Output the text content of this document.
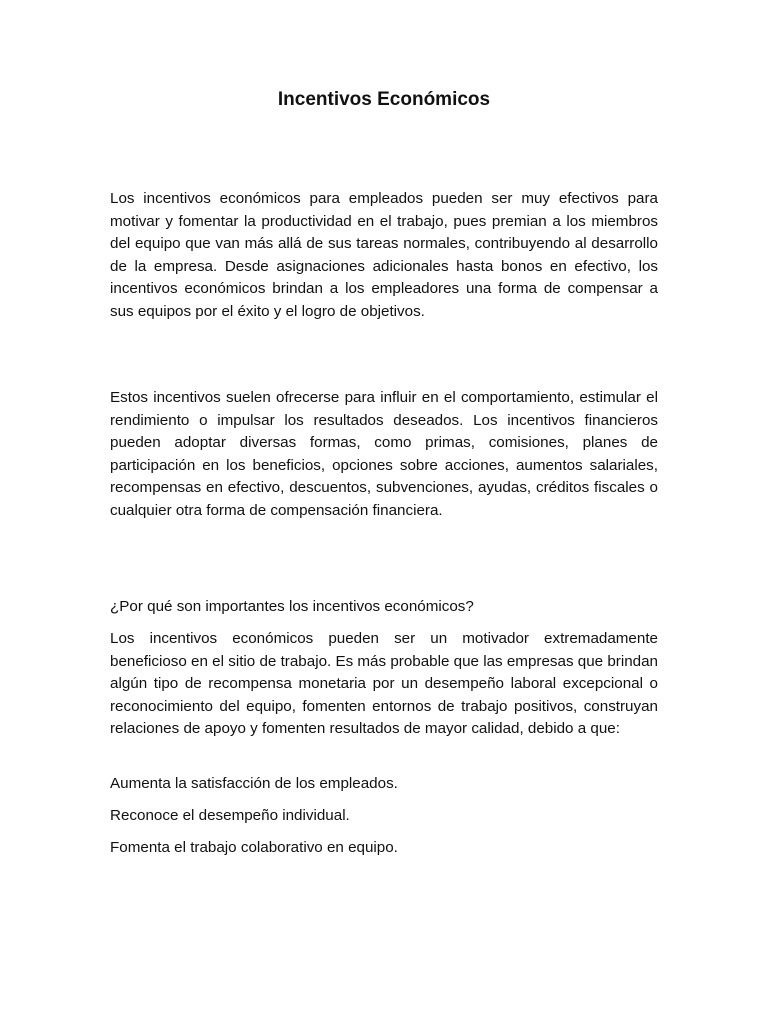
Incentivos Económicos

Los incentivos económicos para empleados pueden ser muy efectivos para motivar y fomentar la productividad en el trabajo, pues premian a los miembros del equipo que van más allá de sus tareas normales, contribuyendo al desarrollo de la empresa. Desde asignaciones adicionales hasta bonos en efectivo, los incentivos económicos brindan a los empleadores una forma de compensar a sus equipos por el éxito y el logro de objetivos.

Estos incentivos suelen ofrecerse para influir en el comportamiento, estimular el rendimiento o impulsar los resultados deseados. Los incentivos financieros pueden adoptar diversas formas, como primas, comisiones, planes de participación en los beneficios, opciones sobre acciones, aumentos salariales, recompensas en efectivo, descuentos, subvenciones, ayudas, créditos fiscales o cualquier otra forma de compensación financiera.

¿Por qué son importantes los incentivos económicos?

Los incentivos económicos pueden ser un motivador extremadamente beneficioso en el sitio de trabajo. Es más probable que las empresas que brindan algún tipo de recompensa monetaria por un desempeño laboral excepcional o reconocimiento del equipo, fomenten entornos de trabajo positivos, construyan relaciones de apoyo y fomenten resultados de mayor calidad, debido a que:

Aumenta la satisfacción de los empleados.

Reconoce el desempeño individual.

Fomenta el trabajo colaborativo en equipo.
